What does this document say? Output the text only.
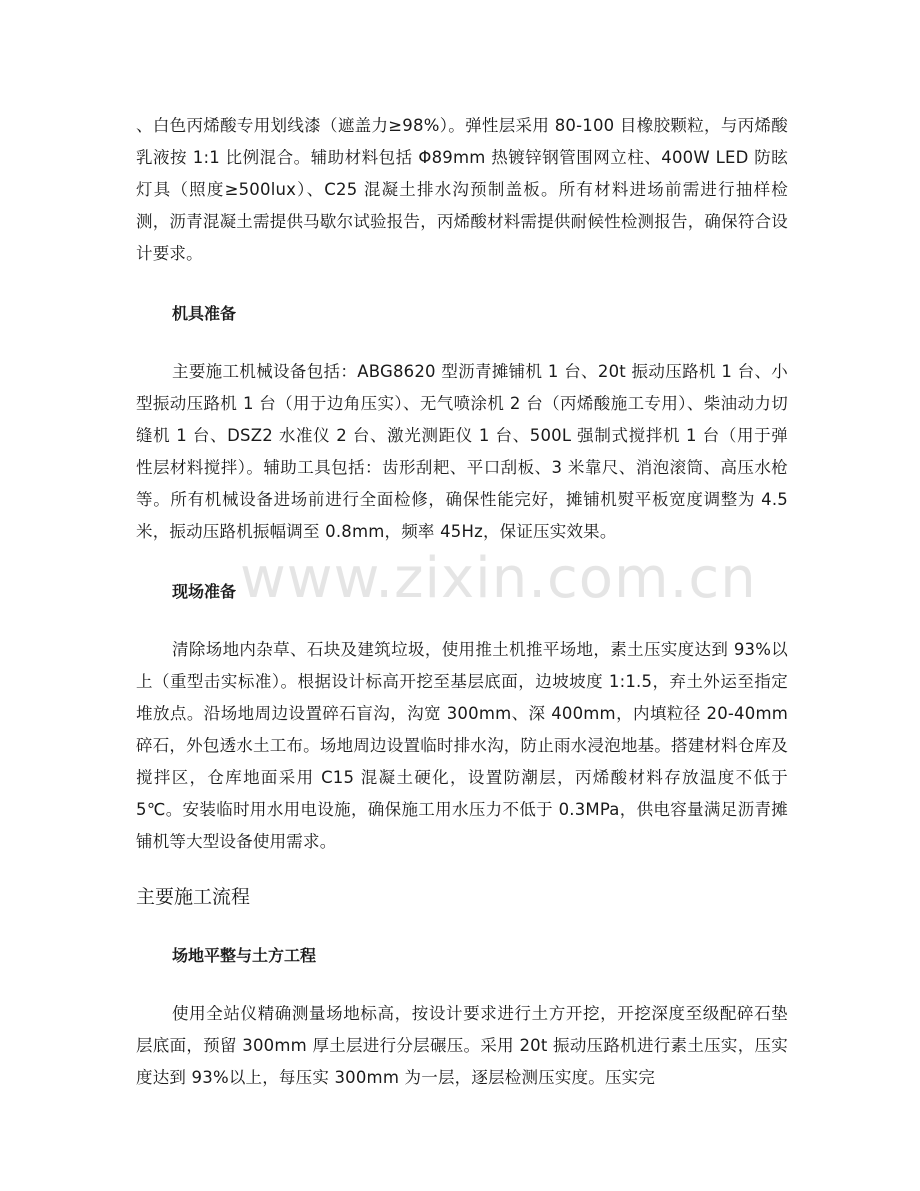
、白色丙烯酸专用划线漆（遮盖力≥98%）。弹性层采用 80-100 目橡胶颗粒，与丙烯酸乳液按 1:1 比例混合。辅助材料包括 Φ89mm 热镀锌钢管围网立柱、400W LED 防眩灯具（照度≥500lux）、C25 混凝土排水沟预制盖板。所有材料进场前需进行抽样检测，沥青混凝土需提供马歇尔试验报告，丙烯酸材料需提供耐候性检测报告，确保符合设计要求。

机具准备

主要施工机械设备包括：ABG8620 型沥青摊铺机 1 台、20t 振动压路机 1 台、小型振动压路机 1 台（用于边角压实）、无气喷涂机 2 台（丙烯酸施工专用）、柴油动力切缝机 1 台、DSZ2 水准仪 2 台、激光测距仪 1 台、500L 强制式搅拌机 1 台（用于弹性层材料搅拌）。辅助工具包括：齿形刮耙、平口刮板、3 米靠尺、消泡滚筒、高压水枪等。所有机械设备进场前进行全面检修，确保性能完好，摊铺机熨平板宽度调整为 4.5 米，振动压路机振幅调至 0.8mm，频率 45Hz，保证压实效果。

现场准备

清除场地内杂草、石块及建筑垃圾，使用推土机推平场地，素土压实度达到 93%以上（重型击实标准）。根据设计标高开挖至基层底面，边坡坡度 1:1.5，弃土外运至指定堆放点。沿场地周边设置碎石盲沟，沟宽 300mm、深 400mm，内填粒径 20-40mm 碎石，外包透水土工布。场地周边设置临时排水沟，防止雨水浸泡地基。搭建材料仓库及搅拌区，仓库地面采用 C15 混凝土硬化，设置防潮层，丙烯酸材料存放温度不低于 5℃。安装临时用水用电设施，确保施工用水压力不低于 0.3MPa，供电容量满足沥青摊铺机等大型设备使用需求。

主要施工流程
场地平整与土方工程

使用全站仪精确测量场地标高，按设计要求进行土方开挖，开挖深度至级配碎石垫层底面，预留 300mm 厚土层进行分层碾压。采用 20t 振动压路机进行素土压实，压实度达到 93%以上，每压实 300mm 为一层，逐层检测压实度。压实完

www.zixin.com.cn
